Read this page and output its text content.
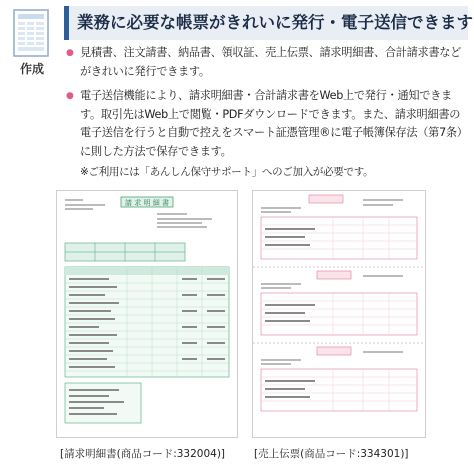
作成
業務に必要な帳票がきれいに発行・電子送信できます
● 見積書、注文請書、納品書、領収証、売上伝票、請求明細書、合計請求書などがきれいに発行できます。
● 電子送信機能により、請求明細書・合計請求書をWeb上で発行・通知できます。取引先はWeb上で閲覧・PDFダウンロードできます。また、請求明細書の電子送信を行うと自動で控えをスマート証憑管理®に電子帳簿保存法（第7条）に則した方法で保存できます。
※ご利用には「あんしん保守サポート」へのご加入が必要です。
請 求 明 細 書
[請求明細書(商品コード:332004)]	[売上伝票(商品コード:334301)]
